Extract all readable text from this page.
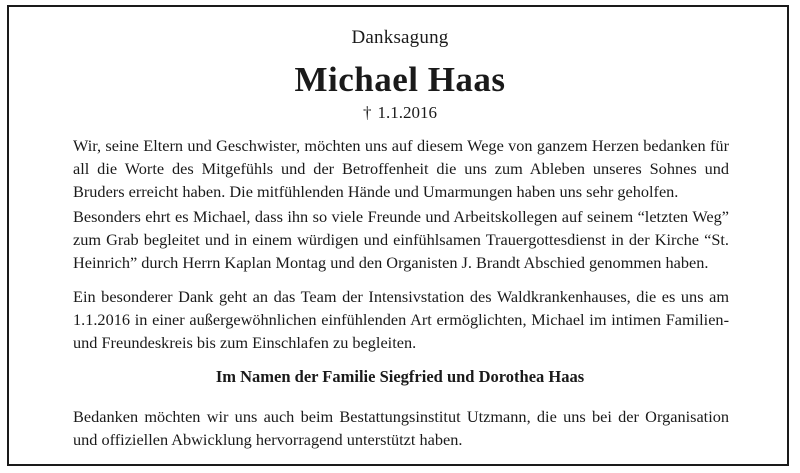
Danksagung
Michael Haas
† 1.1.2016

Wir, seine Eltern und Geschwister, möchten uns auf diesem Wege von ganzem Herzen bedanken für all die Worte des Mitgefühls und der Betroffenheit die uns zum Ableben unseres Sohnes und Bruders erreicht haben. Die mitfühlenden Hände und Umarmungen haben uns sehr geholfen.

Besonders ehrt es Michael, dass ihn so viele Freunde und Arbeitskollegen auf seinem “letzten Weg” zum Grab begleitet und in einem würdigen und einfühlsamen Trauergottesdienst in der Kirche “St. Heinrich” durch Herrn Kaplan Montag und den Organisten J. Brandt Abschied genommen haben.

Ein besonderer Dank geht an das Team der Intensivstation des Waldkrankenhauses, die es uns am 1.1.2016 in einer außergewöhnlichen einfühlenden Art ermöglichten, Michael im intimen Familien- und Freundeskreis bis zum Einschlafen zu begleiten.

Im Namen der Familie Siegfried und Dorothea Haas

Bedanken möchten wir uns auch beim Bestattungsinstitut Utzmann, die uns bei der Organisation und offiziellen Abwicklung hervorragend unterstützt haben.
